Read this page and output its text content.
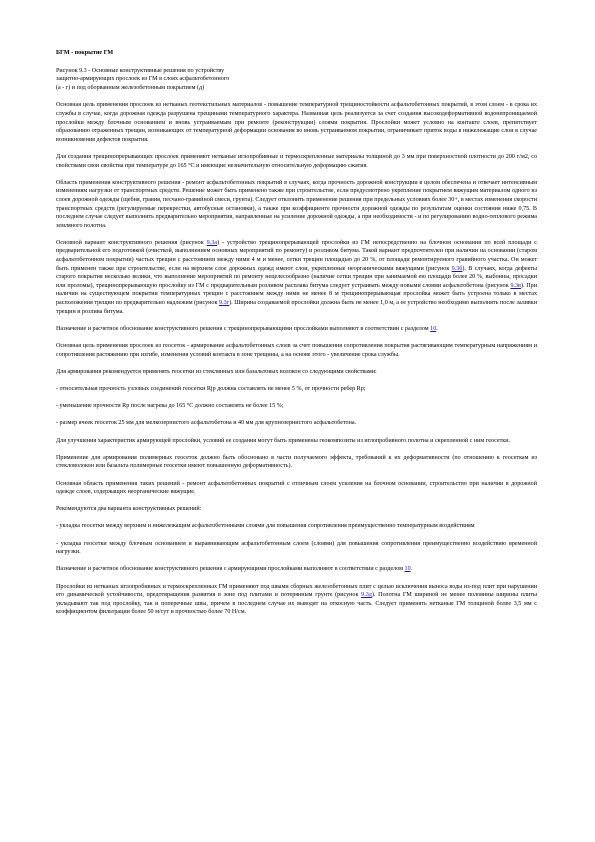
БГМ - покрытие ГМ
Рисунок 9.3 - Основные конструктивные решения по устройству
защитно-армирующих прослоек из ГМ в слоях асфальтобетонного
(а - г) и под оборванным железобетонным покрытием (д)

Основная цель применения прослоек из нетканых геотекстильных материалов - повышение температурной трещиностойкости асфальтобетонных покрытий, в этом слоем - в срока их службы в случае, когда дорожная одежда разрушена трещинами температурного характера. Названная цель реализуется за счет создания высокодеформативной водонепроницаемой прослойки между блочным основанием и вновь устраиваемым при ремонте (реконструкции) слоями покрытия. Прослойки может условно на контакте слоев, препятствует образованию отраженных трещин, возникающих от температурной деформации основания во вновь устраиваемом покрытии, ограничивает приток воды в нижележащие слои в случае возникновения дефектов покрытия.

Для создания трещинопрерывающих прослоек применяют нетканые иглопробивные и термоскрепленные материалы толщиной до 3 мм при поверхностной плотности до 200 г/м2, со свойствами свои свойства при температуре до 165 °С и имеющие незначительную относительную деформацию сжатия.

Область применения конструктивного решения - ремонт асфальтобетонных покрытий в случаях, когда прочность дорожной конструкции в целом обеспечена и отвечает интенсивным изменениям нагрузки от транспортных средств. Решение может быть применено также при строительстве, если предусмотрено укрепление покрытием вяжущим материалом одного из слоев дорожной одежды (щебня, гравия, песчано-гравийной смеси, грунта). Следует отклонить применение решения при предельных условиях более 30+, в местах изменения скорости транспортных средств (регулируемые перекрестки, автобусные остановки), а также при коэффициенте прочности дорожной одежды по результатам оценки состояния ниже 0,75. В последнем случае следует выполнить предварительно мероприятия, направленные на усиление дорожной одежды, а при необходимости - и по регулированию водно-теплового режима земляного полотна.

Основной вариант конструктивного решения (рисунок 9.3а) - устройство трещинопрерывающей прослойки из ГМ непосредственно на блочном основании по всей площади с предварительной его подготовкой (очисткой, выполнением основных мероприятий по ремонту) и розливом битума. Такой вариант предпочтителен при наличии на основании (старом асфальтобетонном покрытии) частых трещин с расстоянием между ними 4 м и менее, сетки трещин площадью до 20 %, от площади ремонтируемого гравийного участка. Он может быть применен также при строительстве, если на верхнем слое дорожных одежд имеют слои, укрепленные неорганическими вяжущими (рисунок 9.3б). В случаях, когда дефекты старого покрытия несколько велики, что выполнение мероприятий по ремонту нецелесообразно (наличие сетки трещин при занимаемой ею площади более 20 %, выбоины, просадки или проломы), трещинопрерывающую прослойку из ГМ с предварительным розливом расплава битума следует устраивать между новыми слоями асфальтобетона (рисунок 9.3в). При наличии на существующем покрытии температурных трещин с расстоянием между ними не менее 8 м трещинопрерывающая прослойка может быть устроена только в местах расположения трещин по предварительно надлежим (рисунок 9.3г). Ширина создаваемой прослойки должна быть не менее 1,0 м, а ее устройство необходимо выполнять после заливки трещин и розлива битума.

Назначение и расчетное обоснование конструктивного решения с трещинопрерывающими прослойками выполняют в соответствии с разделом 10.

Основная цель применения прослоек из геосеток - армирование асфальтобетонных слоев за счет повышения сопротивления покрытия растягивающим температурным напряжениям и сопротивления растяжению при изгибе, изменения условий контакта в зоне трещины, а на основе этого - увеличение срока службы.

Для армирования рекомендуется применять геосетки из стеклянных или базальтовых волокон со следующими свойствами:

- относительная прочность узловых соединений геосетки Rjp должна составлять не менее 5 %, от прочности ребер Rp;

- уменьшение прочности Rp после нагрева до 165 °С должно составлять не более 15 %;

- размер ячеек геосеток 25 мм для мелкозернистого асфальтобетона и 40 мм для крупнозернистого асфальтобетона.

Для улучшения характеристик армирующей прослойки, условий ее создания могут быть применены геокомпозиты из иглопробивного полотна и скрепленной с ним геосетки.

Применение для армирования полимерных геосеток должно быть обосновано в части получаемого эффекта, требований к их деформативности (по отношению к геосеткам из стекловолокон или базальта полимерные геосетки имеют повышенную деформативность).

Основная область применения таких решений - ремонт асфальтобетонных покрытий с отличным слоем усиления на блочном основании, строительство при наличии в дорожной одежде слоев, содержащих неорганические вяжущие.

Рекомендуются два варианта конструктивных решений:

- укладка геосетки между верхним и нижележащим асфальтобетонными слоями для повышения сопротивления преимущественно температурным воздействиям

- укладка геосетки между блочным основанием и выравнивающим асфальтобетонным слоем (слоями) для повышения сопротивления преимущественно воздействию временной нагрузки.

Назначение и расчетное обоснование конструктивного решения с армирующими прослойками выполняют в соответствии с разделом 10.

Прослойки из нетканых иглопробивных и термоскрепленных ГМ применяют под швами сборных железобетонных плит с целью исключения выноса воды из-под плит при нарушении его динамической устойчивости, предотвращения развития в зоне под плитами и потерянным грунте (рисунок 9.3д). Полотна ГМ шириной не менее половины ширины плиты укладывают так под прослойку, так и поперечные швы, причем в последнем случае их выводят на откосную часть. Следует применять нетканые ГМ толщиной более 3,5 мм с коэффициентом фильтрации более 50 м/сут и прочностью более 70 Н/см.
